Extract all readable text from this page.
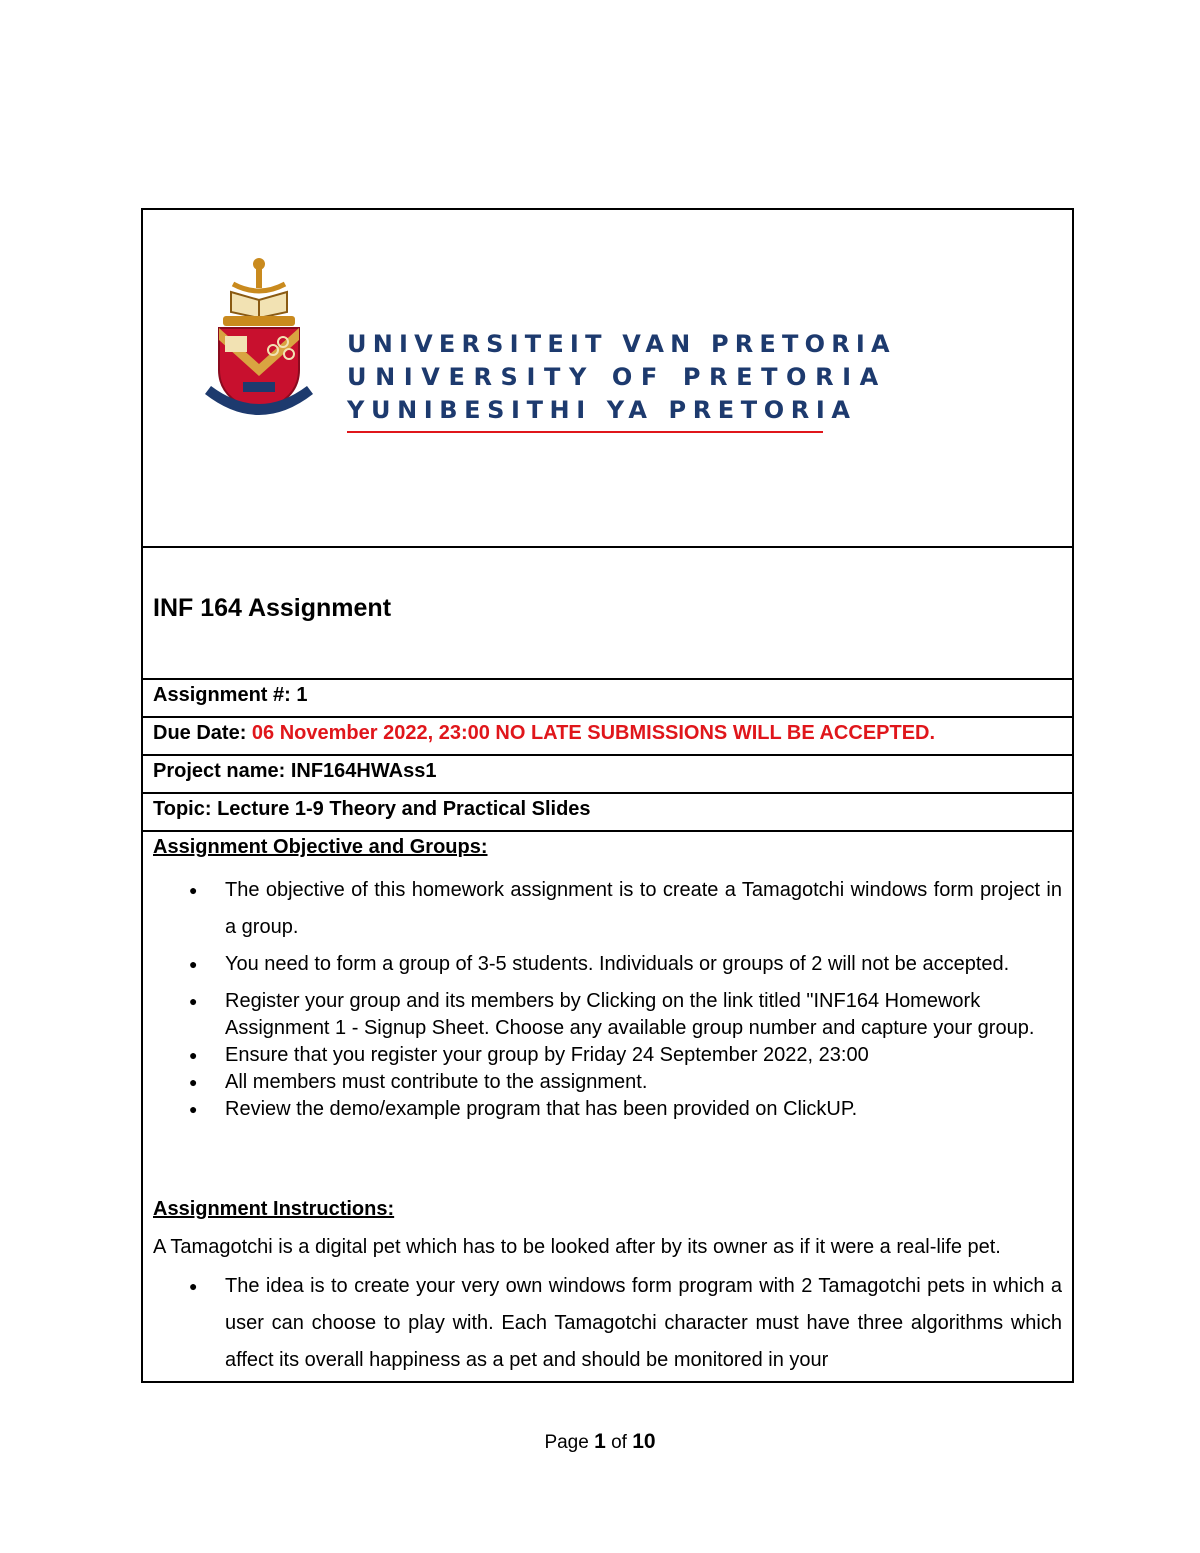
UNIVERSITEIT VAN PRETORIA
UNIVERSITY OF PRETORIA
YUNIBESITHI YA PRETORIA
INF 164 Assignment
Assignment #: 1
Due Date: 06 November 2022, 23:00 NO LATE SUBMISSIONS WILL BE ACCEPTED.
Project name: INF164HWAss1
Topic: Lecture 1-9 Theory and Practical Slides
Assignment Objective and Groups:
● The objective of this homework assignment is to create a Tamagotchi windows form project in a group.
● You need to form a group of 3-5 students. Individuals or groups of 2 will not be accepted.
● Register your group and its members by Clicking on the link titled "INF164 Homework Assignment 1 - Signup Sheet. Choose any available group number and capture your group.
● Ensure that you register your group by Friday 24 September 2022, 23:00
● All members must contribute to the assignment.
● Review the demo/example program that has been provided on ClickUP.
Assignment Instructions:
A Tamagotchi is a digital pet which has to be looked after by its owner as if it were a real-life pet.
● The idea is to create your very own windows form program with 2 Tamagotchi pets in which a user can choose to play with. Each Tamagotchi character must have three algorithms which affect its overall happiness as a pet and should be monitored in your
Page 1 of 10
